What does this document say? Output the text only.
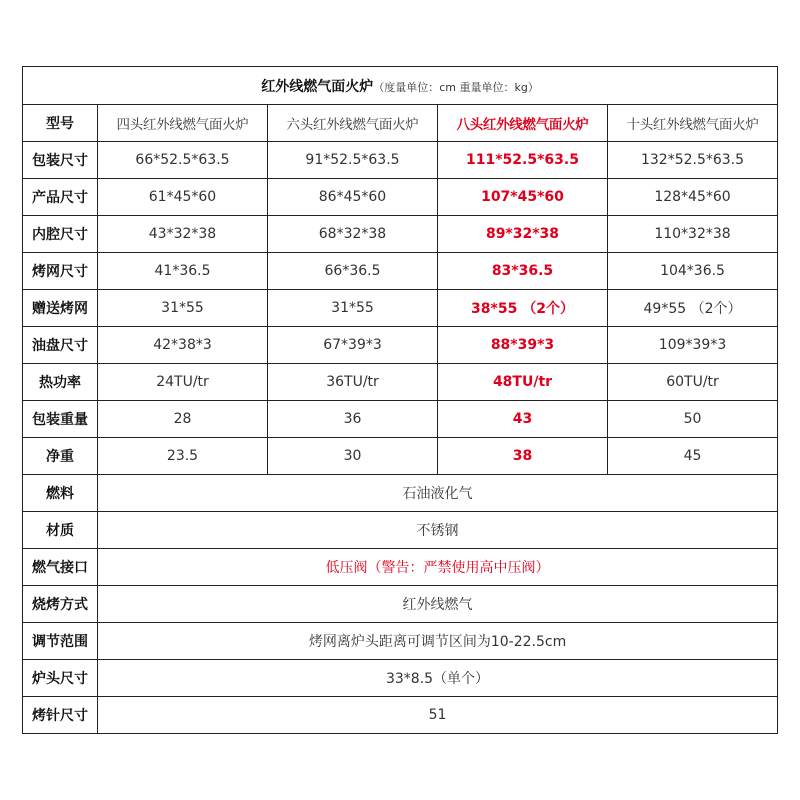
红外线燃气面火炉（度量单位：cm 重量单位：kg）				
型号	四头红外线燃气面火炉	六头红外线燃气面火炉	八头红外线燃气面火炉	十头红外线燃气面火炉
包装尺寸	66*52.5*63.5	91*52.5*63.5	111*52.5*63.5	132*52.5*63.5
产品尺寸	61*45*60	86*45*60	107*45*60	128*45*60
内腔尺寸	43*32*38	68*32*38	89*32*38	110*32*38
烤网尺寸	41*36.5	66*36.5	83*36.5	104*36.5
赠送烤网	31*55	31*55	38*55 （2个）	49*55 （2个）
油盘尺寸	42*38*3	67*39*3	88*39*3	109*39*3
热功率	24TU/tr	36TU/tr	48TU/tr	60TU/tr
包装重量	28	36	43	50
净重	23.5	30	38	45
燃料	石油液化气			
材质	不锈钢			
燃气接口	低压阀（警告：严禁使用高中压阀）			
烧烤方式	红外线燃气			
调节范围	烤网离炉头距离可调节区间为10-22.5cm			
炉头尺寸	33*8.5（单个）			
烤针尺寸	51			
